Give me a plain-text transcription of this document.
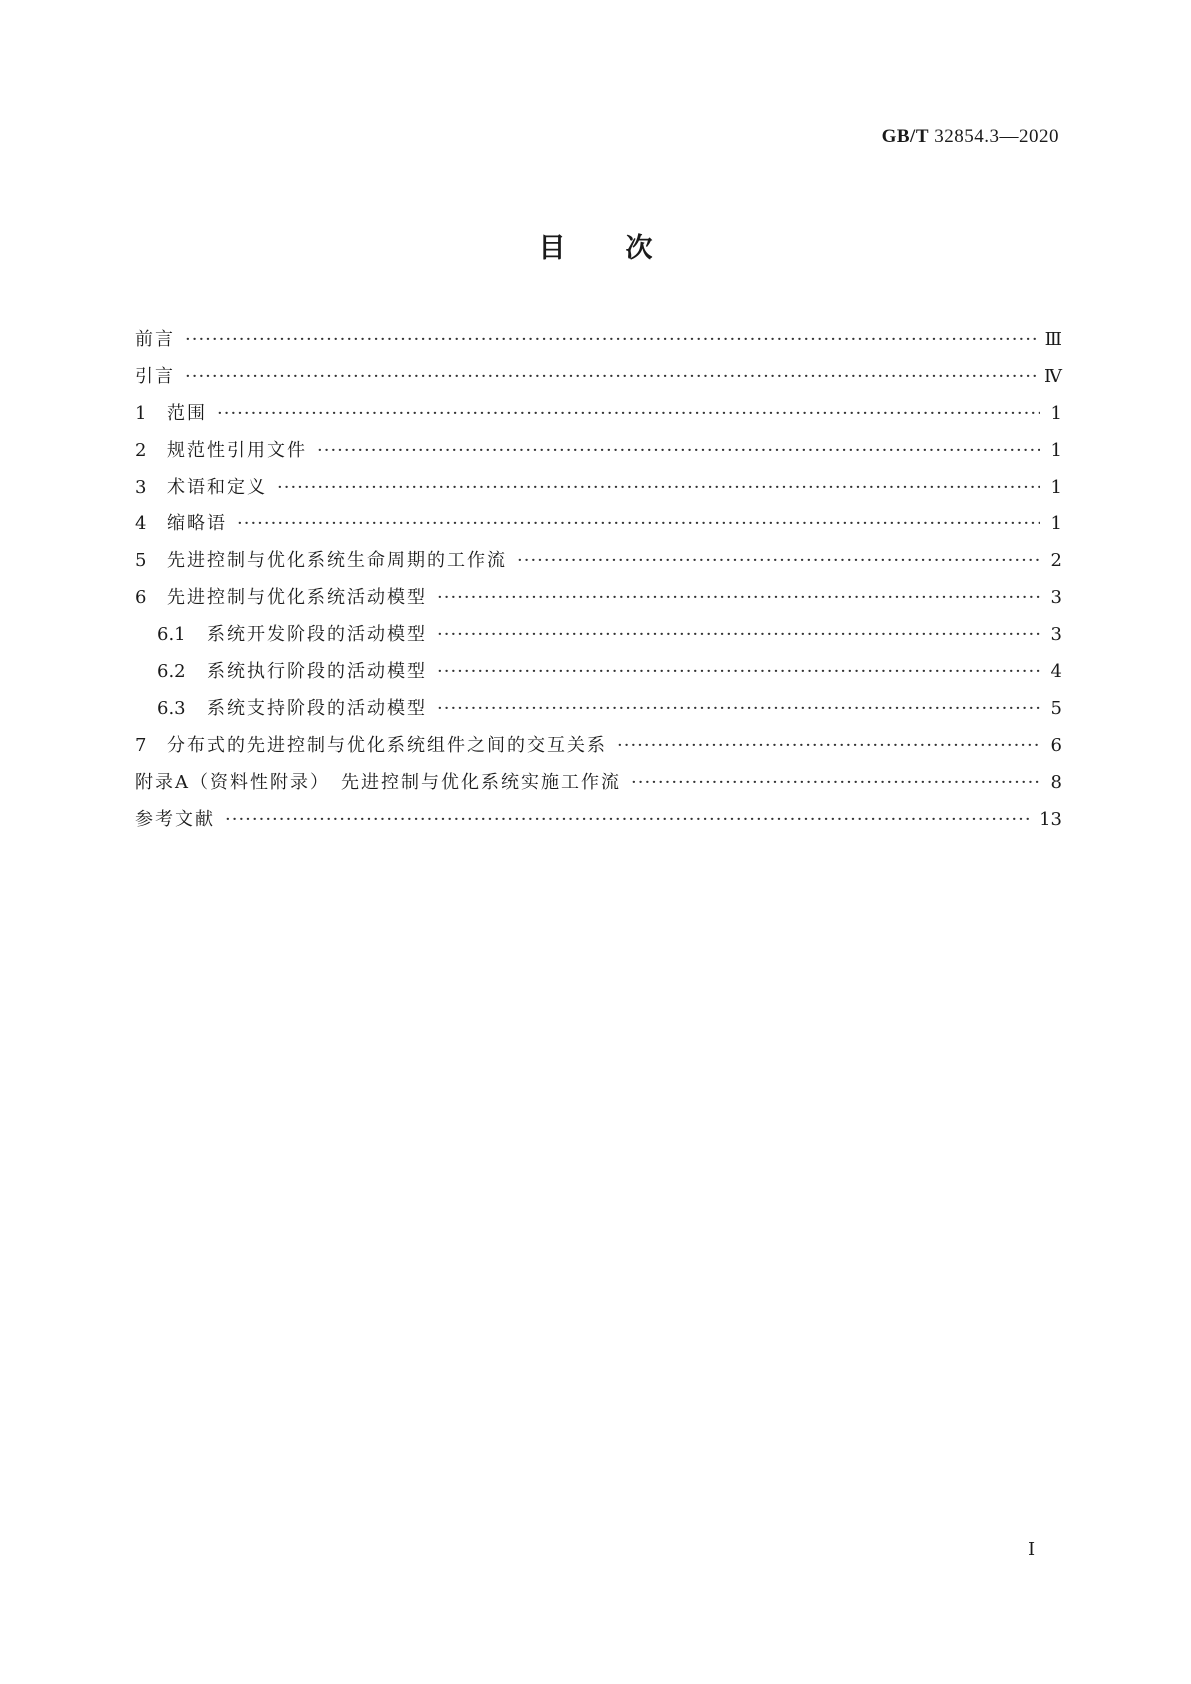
GB/T 32854.3—2020
目次
前言 ·····	Ⅲ
引言 ·····	Ⅳ
1	范围 ·····	1
2	规范性引用文件 ·····	1
3	术语和定义 ·····	1
4	缩略语 ·····	1
5	先进控制与优化系统生命周期的工作流 ·····	2
6	先进控制与优化系统活动模型 ·····	3
6.1	系统开发阶段的活动模型 ·····	3
6.2	系统执行阶段的活动模型 ·····	4
6.3	系统支持阶段的活动模型 ·····	5
7	分布式的先进控制与优化系统组件之间的交互关系 ·····	6
附录A（资料性附录）　先进控制与优化系统实施工作流 ·····	8
参考文献 ·····	13
Ⅰ
